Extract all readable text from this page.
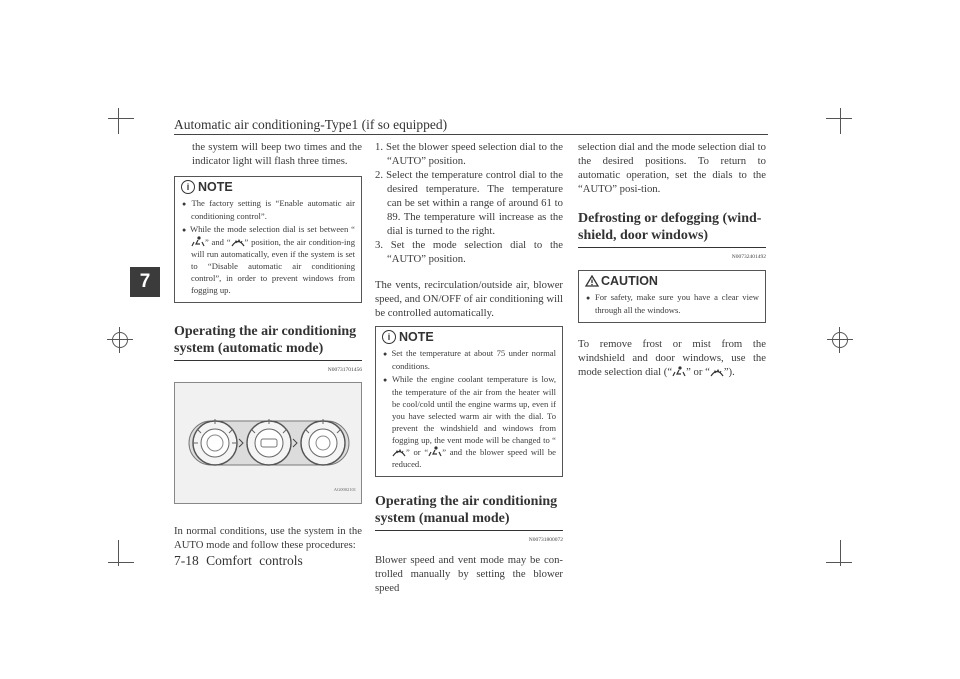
Automatic air conditioning-Type1 (if so equipped)
7

the system will beep two times and the indicator light will flash three times.

i NOTE
● The factory setting is “Enable automatic air conditioning control”.
● While the mode selection dial is set between “” and “ ” position, the air condition-ing will run automatically, even if the system is set to “Disable automatic air conditioning control”, in order to prevent windows from fogging up.
Operating the air conditioning system (automatic mode)
N00731701456
AG0002101

In normal conditions, use the system in the AUTO mode and follow these procedures:

1. Set the blower speed selection dial to the “AUTO” position.

2. Select the temperature control dial to the desired temperature. The temperature can be set within a range of around 61 to 89. The temperature will increase as the dial is turned to the right.

3. Set the mode selection dial to the “AUTO” position.

The vents, recirculation/outside air, blower speed, and ON/OFF of air conditioning will be controlled automatically.

i NOTE
● Set the temperature at about 75 under normal conditions.
● While the engine coolant temperature is low, the temperature of the air from the heater will be cool/cold until the engine warms up, even if you have selected warm air with the dial. To prevent the windshield and windows from fogging up, the vent mode will be changed to “” or “ ” and the blower speed will be reduced.
Operating the air conditioning system (manual mode)
N00731800072

Blower speed and vent mode may be con-trolled manually by setting the blower speed

selection dial and the mode selection dial to the desired positions. To return to automatic operation, set the dials to the “AUTO” posi-tion.

Defrosting or defogging (wind-shield, door windows)
N00732401492
CAUTION
● For safety, make sure you have a clear view through all the windows.

To remove frost or mist from the windshield and door windows, use the mode selection dial (“ ” or “ ”).

7-18 Comfort controls
